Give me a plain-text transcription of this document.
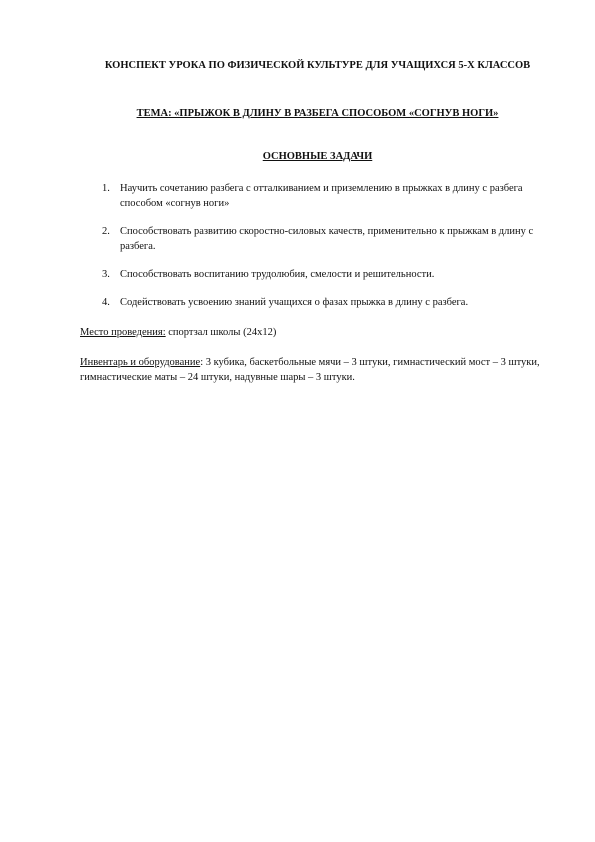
КОНСПЕКТ УРОКА ПО ФИЗИЧЕСКОЙ КУЛЬТУРЕ ДЛЯ УЧАЩИХСЯ 5-Х КЛАССОВ
ТЕМА: «ПРЫЖОК В ДЛИНУ В РАЗБЕГА СПОСОБОМ «СОГНУВ НОГИ»
ОСНОВНЫЕ ЗАДАЧИ
1. Научить сочетанию разбега с отталкиванием и приземлению в прыжках в длину с разбега способом «согнув ноги»
2. Способствовать развитию скоростно-силовых качеств, применительно к прыжкам в длину с разбега.
3. Способствовать воспитанию трудолюбия, смелости и решительности.
4. Содействовать усвоению знаний учащихся о фазах прыжка в длину с разбега.
Место проведения: спортзал школы (24х12)
Инвентарь и оборудование: 3 кубика, баскетбольные мячи – 3 штуки, гимнастический мост – 3 штуки, гимнастические маты – 24 штуки, надувные шары – 3 штуки.
